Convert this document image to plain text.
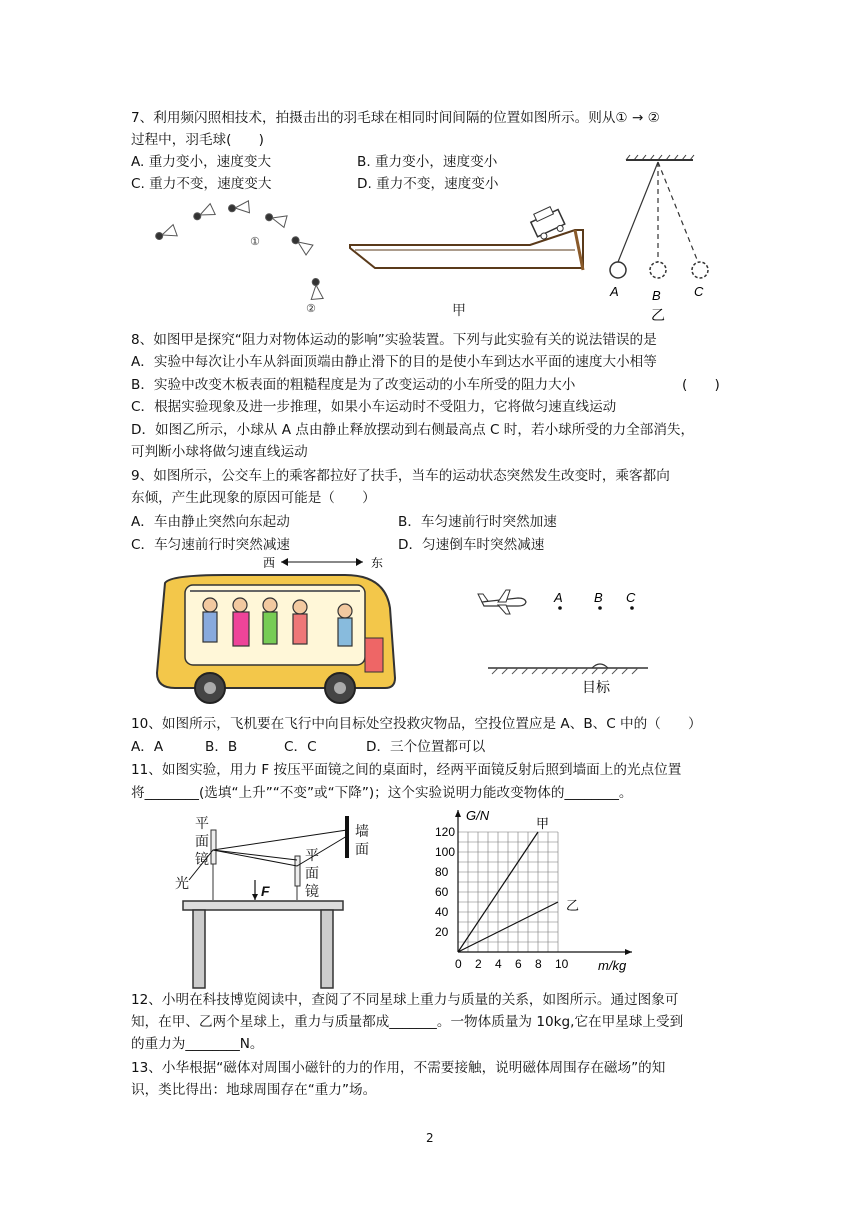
7、利用频闪照相技术，拍摄击出的羽毛球在相同时间间隔的位置如图所示。则从① → ②
过程中，羽毛球(　　)
A. 重力变小，速度变大	B. 重力变小，速度变小
C. 重力不变，速度变大	D. 重力不变，速度变小
①
②	甲
A	B	C
乙
8、如图甲是探究“阻力对物体运动的影响”实验装置。下列与此实验有关的说法错误的是
A．实验中每次让小车从斜面顶端由静止滑下的目的是使小车到达水平面的速度大小相等
B．实验中改变木板表面的粗糙程度是为了改变运动的小车所受的阻力大小	(　　)
C．根据实验现象及进一步推理，如果小车运动时不受阻力，它将做匀速直线运动
D．如图乙所示，小球从 A 点由静止释放摆动到右侧最高点 C 时，若小球所受的力全部消失，
可判断小球将做匀速直线运动
9、如图所示，公交车上的乘客都拉好了扶手，当车的运动状态突然发生改变时，乘客都向
东倾，产生此现象的原因可能是（　　）
A．车由静止突然向东起动	B．车匀速前行时突然加速
C．车匀速前行时突然减速	D．匀速倒车时突然减速
西	东
A B C
目标
10、如图所示，飞机要在飞行中向目标处空投救灾物品，空投位置应是 A、B、C 中的（　　）
A．A	B．B	C．C	D．三个位置都可以
11、如图实验，用力 F 按压平面镜之间的桌面时，经两平面镜反射后照到墙面上的光点位置
将________(选填“上升”“不变”或“下降”)；这个实验说明力能改变物体的________。
平
面
镜	平
面
镜
墙
面
光	F
0 2 4 6 8 10
20
40
60
80
100
120
甲
乙
G/N
m/kg
12、小明在科技博览阅读中，查阅了不同星球上重力与质量的关系，如图所示。通过图象可
知，在甲、乙两个星球上，重力与质量都成_______。一物体质量为 10kg,它在甲星球上受到
的重力为________N。
13、小华根据“磁体对周围小磁针的力的作用，不需要接触，说明磁体周围存在磁场”的知
识，类比得出：地球周围存在“重力”场。
2
